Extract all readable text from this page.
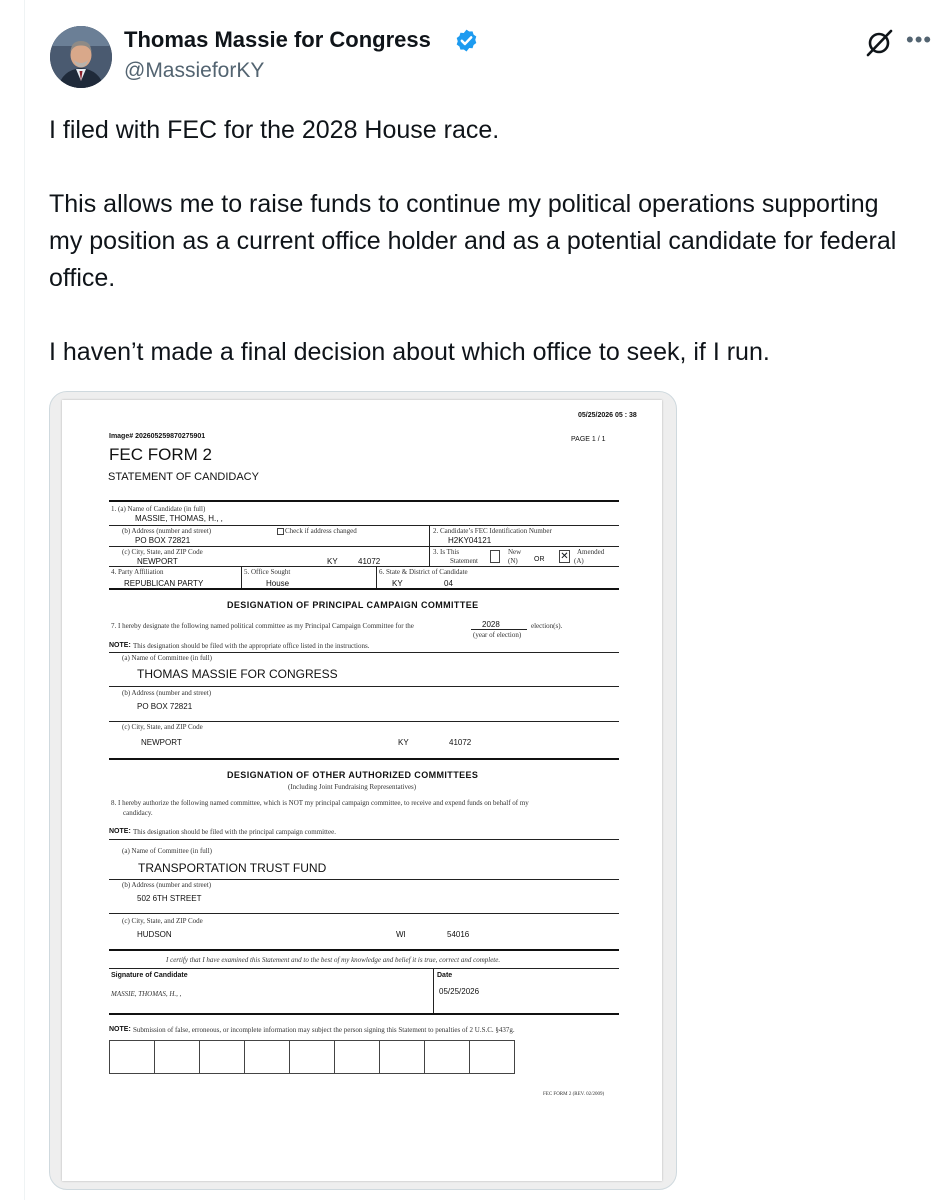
Thomas Massie for Congress
@MassieforKY
•••

I filed with FEC for the 2028 House race.

This allows me to raise funds to continue my political operations supporting my position as a current office holder and as a potential candidate for federal office.

I haven’t made a final decision about which office to seek, if I run.

05/25/2026 05 : 38
Image# 202605259870275901	PAGE 1 / 1
FEC FORM 2
STATEMENT OF CANDIDACY
1. (a) Name of Candidate (in full)
MASSIE, THOMAS, H., ,
(b) Address (number and street)	Check if address changed
PO BOX 72821
2. Candidate’s FEC Identification Number
H2KY04121
(c) City, State, and ZIP Code
NEWPORT	KY	41072
3. Is This
Statement
New
(N) OR ✕ Amended
(A)
4. Party Affiliation
REPUBLICAN PARTY
5. Office Sought
House
6. State & District of Candidate
KY	04
DESIGNATION OF PRINCIPAL CAMPAIGN COMMITTEE
7. I hereby designate the following named political committee as my Principal Campaign Committee for the	2028	election(s).
(year of election)
NOTE: This designation should be filed with the appropriate office listed in the instructions.
(a) Name of Committee (in full)
THOMAS MASSIE FOR CONGRESS
(b) Address (number and street)
PO BOX 72821
(c) City, State, and ZIP Code
NEWPORT	KY	41072
DESIGNATION OF OTHER AUTHORIZED COMMITTEES
(Including Joint Fundraising Representatives)
8. I hereby authorize the following named committee, which is NOT my principal campaign committee, to receive and expend funds on behalf of my
candidacy.
NOTE: This designation should be filed with the principal campaign committee.
(a) Name of Committee (in full)
TRANSPORTATION TRUST FUND
(b) Address (number and street)
502 6TH STREET
(c) City, State, and ZIP Code
HUDSON	WI	54016
I certify that I have examined this Statement and to the best of my knowledge and belief it is true, correct and complete.
Signature of Candidate
MASSIE, THOMAS, H., ,
Date
05/25/2026
NOTE: Submission of false, erroneous, or incomplete information may subject the person signing this Statement to penalties of 2 U.S.C. §437g.
FEC FORM 2 (REV. 02/2009)
